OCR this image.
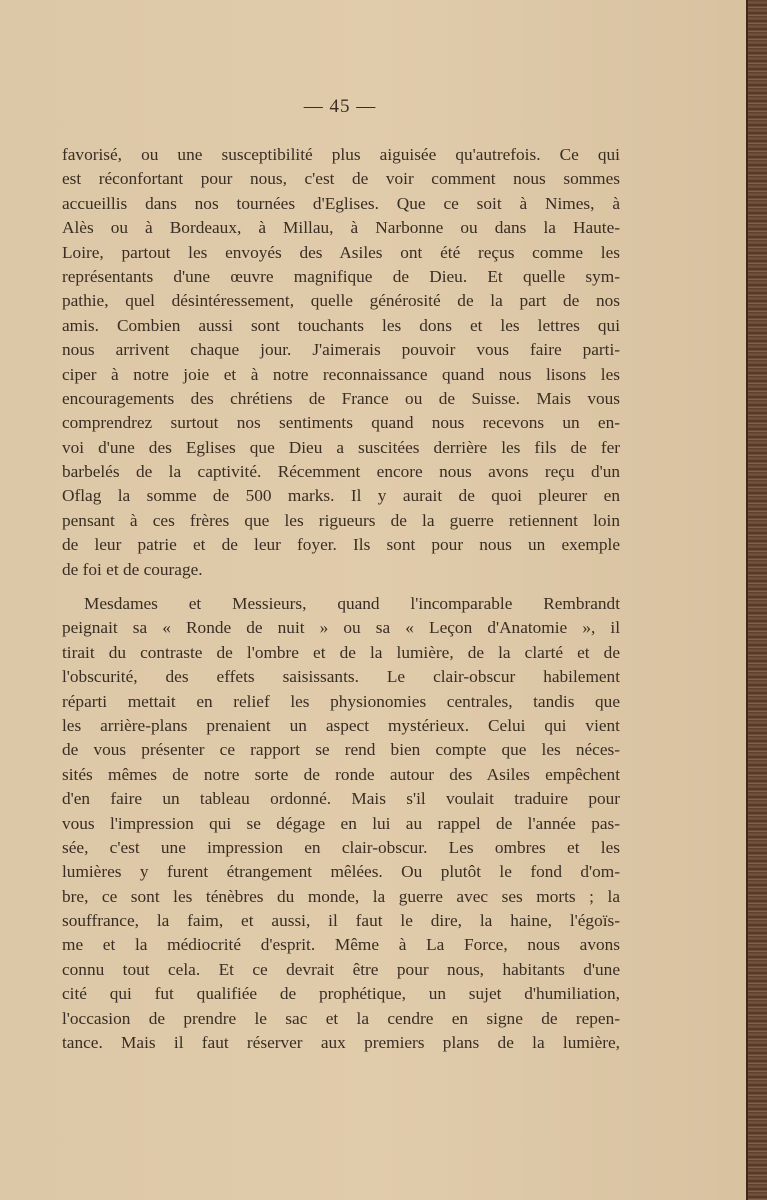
— 45 —
favorisé, ou une susceptibilité plus aiguisée qu'autrefois. Ce qui
est réconfortant pour nous, c'est de voir comment nous sommes
accueillis dans nos tournées d'Eglises. Que ce soit à Nimes, à
Alès ou à Bordeaux, à Millau, à Narbonne ou dans la Haute-
Loire, partout les envoyés des Asiles ont été reçus comme les
représentants d'une œuvre magnifique de Dieu. Et quelle sym-
pathie, quel désintéressement, quelle générosité de la part de nos
amis. Combien aussi sont touchants les dons et les lettres qui
nous arrivent chaque jour. J'aimerais pouvoir vous faire parti-
ciper à notre joie et à notre reconnaissance quand nous lisons les
encouragements des chrétiens de France ou de Suisse. Mais vous
comprendrez surtout nos sentiments quand nous recevons un en-
voi d'une des Eglises que Dieu a suscitées derrière les fils de fer
barbelés de la captivité. Récemment encore nous avons reçu d'un
Oflag la somme de 500 marks. Il y aurait de quoi pleurer en
pensant à ces frères que les rigueurs de la guerre retiennent loin
de leur patrie et de leur foyer. Ils sont pour nous un exemple
de foi et de courage.
Mesdames et Messieurs, quand l'incomparable Rembrandt
peignait sa « Ronde de nuit » ou sa « Leçon d'Anatomie », il
tirait du contraste de l'ombre et de la lumière, de la clarté et de
l'obscurité, des effets saisissants. Le clair-obscur habilement
réparti mettait en relief les physionomies centrales, tandis que
les arrière-plans prenaient un aspect mystérieux. Celui qui vient
de vous présenter ce rapport se rend bien compte que les néces-
sités mêmes de notre sorte de ronde autour des Asiles empêchent
d'en faire un tableau ordonné. Mais s'il voulait traduire pour
vous l'impression qui se dégage en lui au rappel de l'année pas-
sée, c'est une impression en clair-obscur. Les ombres et les
lumières y furent étrangement mêlées. Ou plutôt le fond d'om-
bre, ce sont les ténèbres du monde, la guerre avec ses morts ; la
souffrance, la faim, et aussi, il faut le dire, la haine, l'égoïs-
me et la médiocrité d'esprit. Même à La Force, nous avons
connu tout cela. Et ce devrait être pour nous, habitants d'une
cité qui fut qualifiée de prophétique, un sujet d'humiliation,
l'occasion de prendre le sac et la cendre en signe de repen-
tance. Mais il faut réserver aux premiers plans de la lumière,
